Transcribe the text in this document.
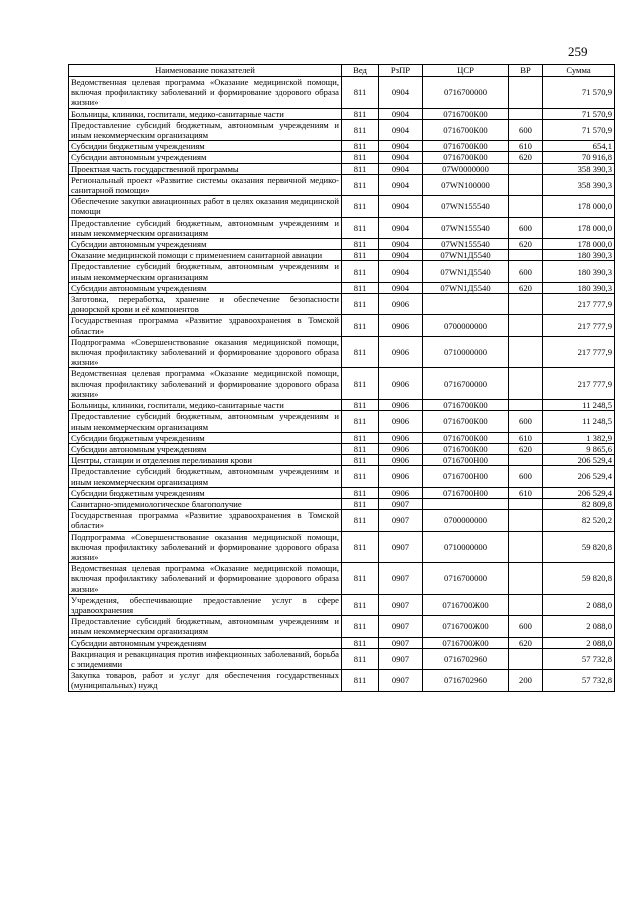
259
Наименование показателей	Вед	РзПР	ЦСР	ВР	Сумма
Ведомственная целевая программа «Оказание медицинской помощи, включая профилактику заболеваний и формирование здорового образа жизни»	811	0904	0716700000		71 570,9
Больницы, клиники, госпитали, медико-санитарные части	811	0904	0716700К00		71 570,9
Предоставление субсидий бюджетным, автономным учреждениям и иным некоммерческим организациям	811	0904	0716700К00	600	71 570,9
Субсидии бюджетным учреждениям	811	0904	0716700К00	610	654,1
Субсидии автономным учреждениям	811	0904	0716700К00	620	70 916,8
Проектная часть государственной программы	811	0904	07W0000000		358 390,3
Региональный проект «Развитие системы оказания первичной медико-санитарной помощи»	811	0904	07WN100000		358 390,3
Обеспечение закупки авиационных работ в целях оказания медицинской помощи	811	0904	07WN155540		178 000,0
Предоставление субсидий бюджетным, автономным учреждениям и иным некоммерческим организациям	811	0904	07WN155540	600	178 000,0
Субсидии автономным учреждениям	811	0904	07WN155540	620	178 000,0
Оказание медицинской помощи с применением санитарной авиации	811	0904	07WN1Д5540		180 390,3
Предоставление субсидий бюджетным, автономным учреждениям и иным некоммерческим организациям	811	0904	07WN1Д5540	600	180 390,3
Субсидии автономным учреждениям	811	0904	07WN1Д5540	620	180 390,3
Заготовка, переработка, хранение и обеспечение безопасности донорской крови и её компонентов	811	0906			217 777,9
Государственная программа «Развитие здравоохранения в Томской области»	811	0906	0700000000		217 777,9
Подпрограмма «Совершенствование оказания медицинской помощи, включая профилактику заболеваний и формирование здорового образа жизни»	811	0906	0710000000		217 777,9
Ведомственная целевая программа «Оказание медицинской помощи, включая профилактику заболеваний и формирование здорового образа жизни»	811	0906	0716700000		217 777,9
Больницы, клиники, госпитали, медико-санитарные части	811	0906	0716700К00		11 248,5
Предоставление субсидий бюджетным, автономным учреждениям и иным некоммерческим организациям	811	0906	0716700К00	600	11 248,5
Субсидии бюджетным учреждениям	811	0906	0716700К00	610	1 382,9
Субсидии автономным учреждениям	811	0906	0716700К00	620	9 865,6
Центры, станции и отделения переливания крови	811	0906	0716700Н00		206 529,4
Предоставление субсидий бюджетным, автономным учреждениям и иным некоммерческим организациям	811	0906	0716700Н00	600	206 529,4
Субсидии бюджетным учреждениям	811	0906	0716700Н00	610	206 529,4
Санитарно-эпидемиологическое благополучие	811	0907			82 809,8
Государственная программа «Развитие здравоохранения в Томской области»	811	0907	0700000000		82 520,2
Подпрограмма «Совершенствование оказания медицинской помощи, включая профилактику заболеваний и формирование здорового образа жизни»	811	0907	0710000000		59 820,8
Ведомственная целевая программа «Оказание медицинской помощи, включая профилактику заболеваний и формирование здорового образа жизни»	811	0907	0716700000		59 820,8
Учреждения, обеспечивающие предоставление услуг в сфере здравоохранения	811	0907	0716700Ж00		2 088,0
Предоставление субсидий бюджетным, автономным учреждениям и иным некоммерческим организациям	811	0907	0716700Ж00	600	2 088,0
Субсидии автономным учреждениям	811	0907	0716700Ж00	620	2 088,0
Вакцинация и ревакцинация против инфекционных заболеваний, борьба с эпидемиями	811	0907	0716702960		57 732,8
Закупка товаров, работ и услуг для обеспечения государственных (муниципальных) нужд	811	0907	0716702960	200	57 732,8
